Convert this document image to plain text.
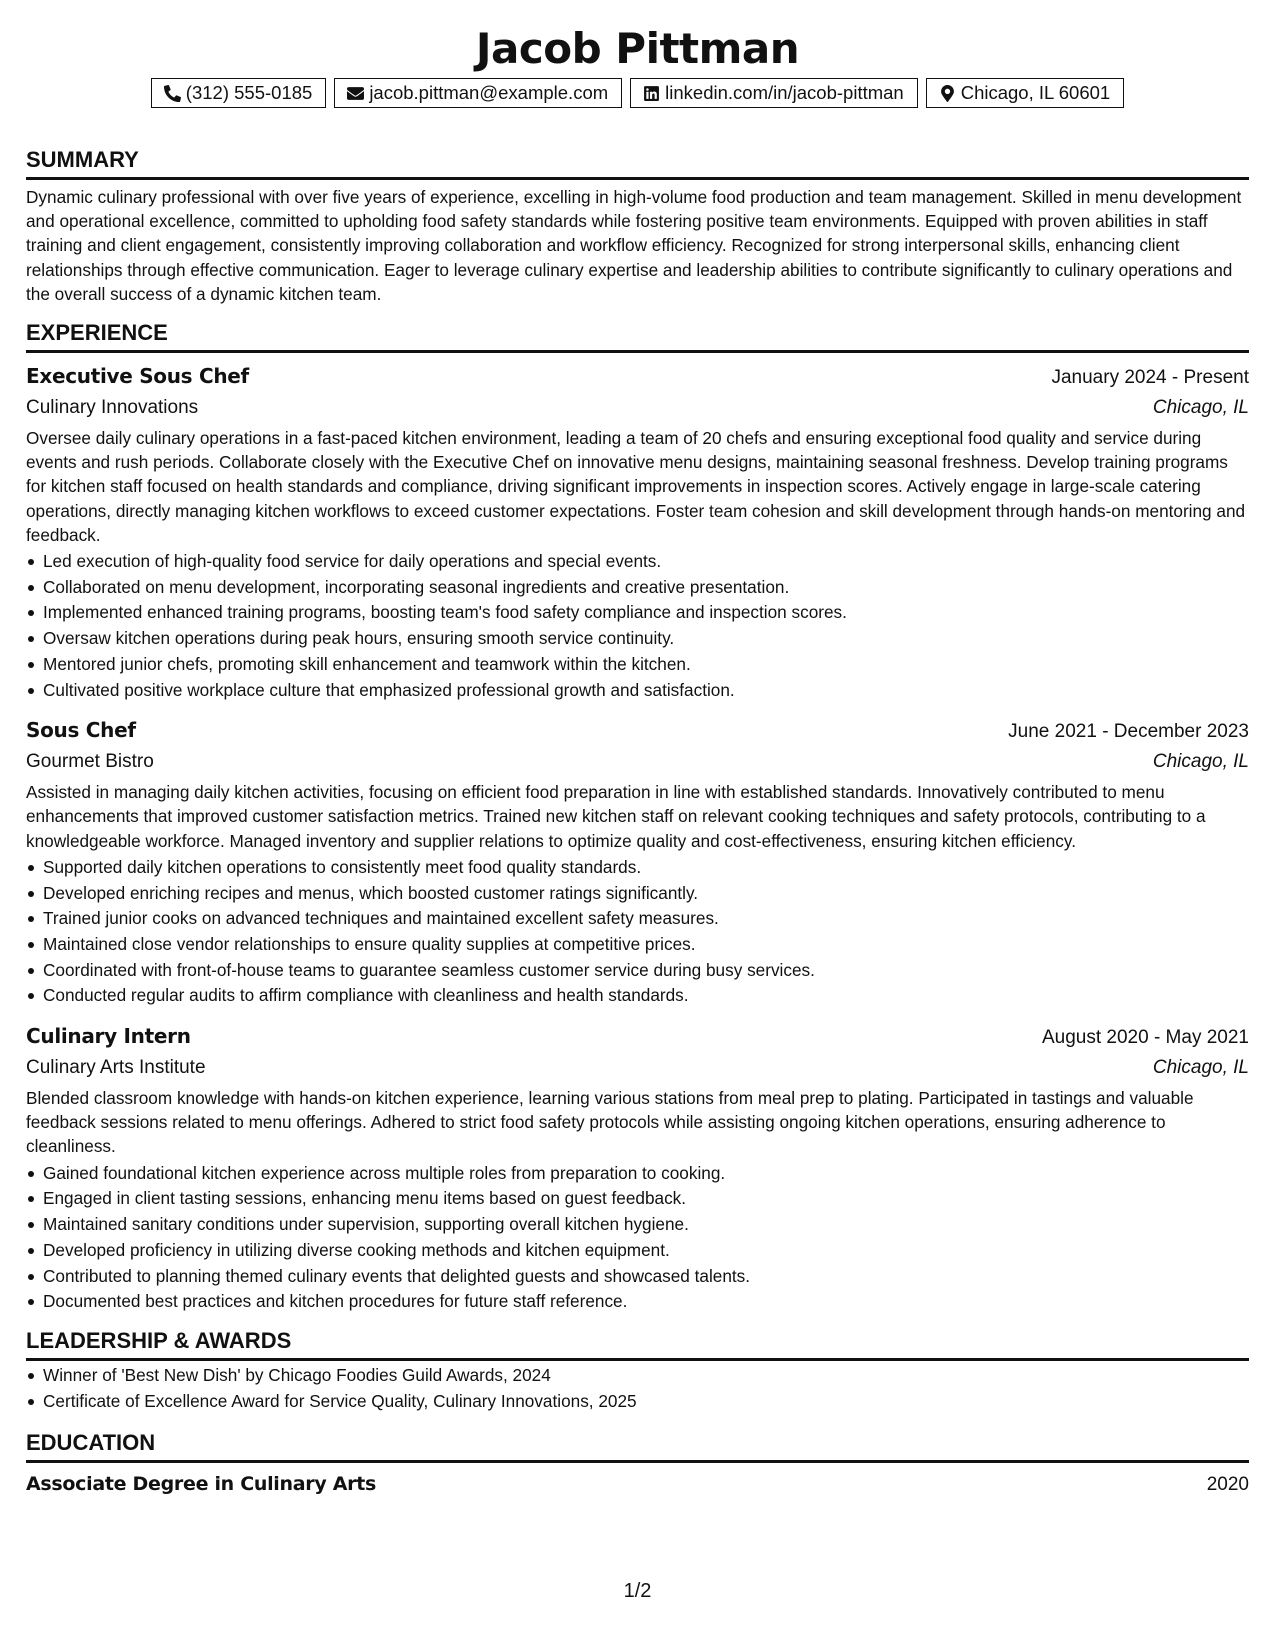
Jacob Pittman
(312) 555-0185	jacob.pittman@example.com	linkedin.com/in/jacob-pittman	Chicago, IL 60601
SUMMARY

Dynamic culinary professional with over five years of experience, excelling in high-volume food production and team management. Skilled in menu development and operational excellence, committed to upholding food safety standards while fostering positive team environments. Equipped with proven abilities in staff training and client engagement, consistently improving collaboration and workflow efficiency. Recognized for strong interpersonal skills, enhancing client relationships through effective communication. Eager to leverage culinary expertise and leadership abilities to contribute significantly to culinary operations and the overall success of a dynamic kitchen team.

EXPERIENCE
Executive Sous Chef	January 2024 - Present
Culinary Innovations	Chicago, IL

Oversee daily culinary operations in a fast-paced kitchen environment, leading a team of 20 chefs and ensuring exceptional food quality and service during events and rush periods. Collaborate closely with the Executive Chef on innovative menu designs, maintaining seasonal freshness. Develop training programs for kitchen staff focused on health standards and compliance, driving significant improvements in inspection scores. Actively engage in large-scale catering operations, directly managing kitchen workflows to exceed customer expectations. Foster team cohesion and skill development through hands-on mentoring and feedback.

Led execution of high-quality food service for daily operations and special events.
Collaborated on menu development, incorporating seasonal ingredients and creative presentation.
Implemented enhanced training programs, boosting team's food safety compliance and inspection scores.
Oversaw kitchen operations during peak hours, ensuring smooth service continuity.
Mentored junior chefs, promoting skill enhancement and teamwork within the kitchen.
Cultivated positive workplace culture that emphasized professional growth and satisfaction.
Sous Chef	June 2021 - December 2023
Gourmet Bistro	Chicago, IL

Assisted in managing daily kitchen activities, focusing on efficient food preparation in line with established standards. Innovatively contributed to menu enhancements that improved customer satisfaction metrics. Trained new kitchen staff on relevant cooking techniques and safety protocols, contributing to a knowledgeable workforce. Managed inventory and supplier relations to optimize quality and cost-effectiveness, ensuring kitchen efficiency.

Supported daily kitchen operations to consistently meet food quality standards.
Developed enriching recipes and menus, which boosted customer ratings significantly.
Trained junior cooks on advanced techniques and maintained excellent safety measures.
Maintained close vendor relationships to ensure quality supplies at competitive prices.
Coordinated with front-of-house teams to guarantee seamless customer service during busy services.
Conducted regular audits to affirm compliance with cleanliness and health standards.
Culinary Intern	August 2020 - May 2021
Culinary Arts Institute	Chicago, IL

Blended classroom knowledge with hands-on kitchen experience, learning various stations from meal prep to plating. Participated in tastings and valuable feedback sessions related to menu offerings. Adhered to strict food safety protocols while assisting ongoing kitchen operations, ensuring adherence to cleanliness.

Gained foundational kitchen experience across multiple roles from preparation to cooking.
Engaged in client tasting sessions, enhancing menu items based on guest feedback.
Maintained sanitary conditions under supervision, supporting overall kitchen hygiene.
Developed proficiency in utilizing diverse cooking methods and kitchen equipment.
Contributed to planning themed culinary events that delighted guests and showcased talents.
Documented best practices and kitchen procedures for future staff reference.
LEADERSHIP & AWARDS
Winner of 'Best New Dish' by Chicago Foodies Guild Awards, 2024
Certificate of Excellence Award for Service Quality, Culinary Innovations, 2025
EDUCATION
Associate Degree in Culinary Arts	2020
1/2
